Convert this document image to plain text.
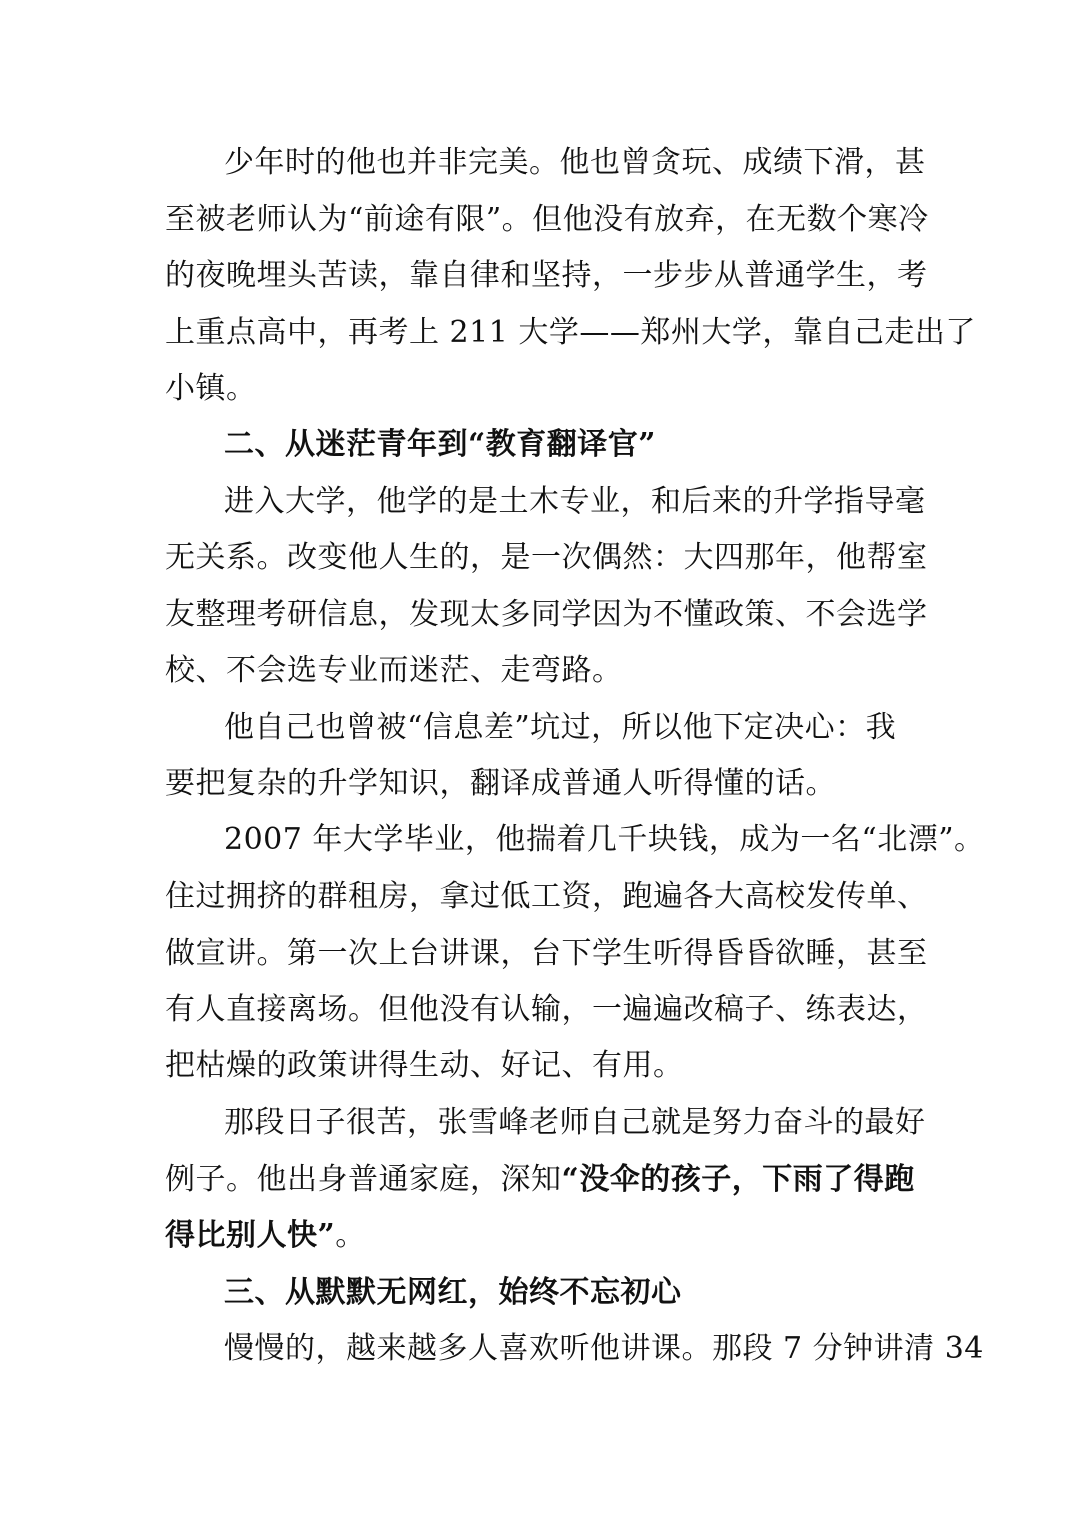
少年时的他也并非完美。他也曾贪玩、成绩下滑，甚
至被老师认为“前途有限”。但他没有放弃，在无数个寒冷
的夜晚埋头苦读，靠自律和坚持，一步步从普通学生，考
上重点高中，再考上 211 大学——郑州大学，靠自己走出了
小镇。
二、从迷茫青年到“教育翻译官”
进入大学，他学的是土木专业，和后来的升学指导毫
无关系。改变他人生的，是一次偶然：大四那年，他帮室
友整理考研信息，发现太多同学因为不懂政策、不会选学
校、不会选专业而迷茫、走弯路。
他自己也曾被“信息差”坑过，所以他下定决心：我
要把复杂的升学知识，翻译成普通人听得懂的话。
2007 年大学毕业，他揣着几千块钱，成为一名“北漂”。
住过拥挤的群租房，拿过低工资，跑遍各大高校发传单、
做宣讲。第一次上台讲课，台下学生听得昏昏欲睡，甚至
有人直接离场。但他没有认输，一遍遍改稿子、练表达，
把枯燥的政策讲得生动、好记、有用。
那段日子很苦，张雪峰老师自己就是努力奋斗的最好
例子。他出身普通家庭，深知“没伞的孩子，下雨了得跑
得比别人快”。
三、从默默无网红，始终不忘初心
慢慢的，越来越多人喜欢听他讲课。那段 7 分钟讲清 34
